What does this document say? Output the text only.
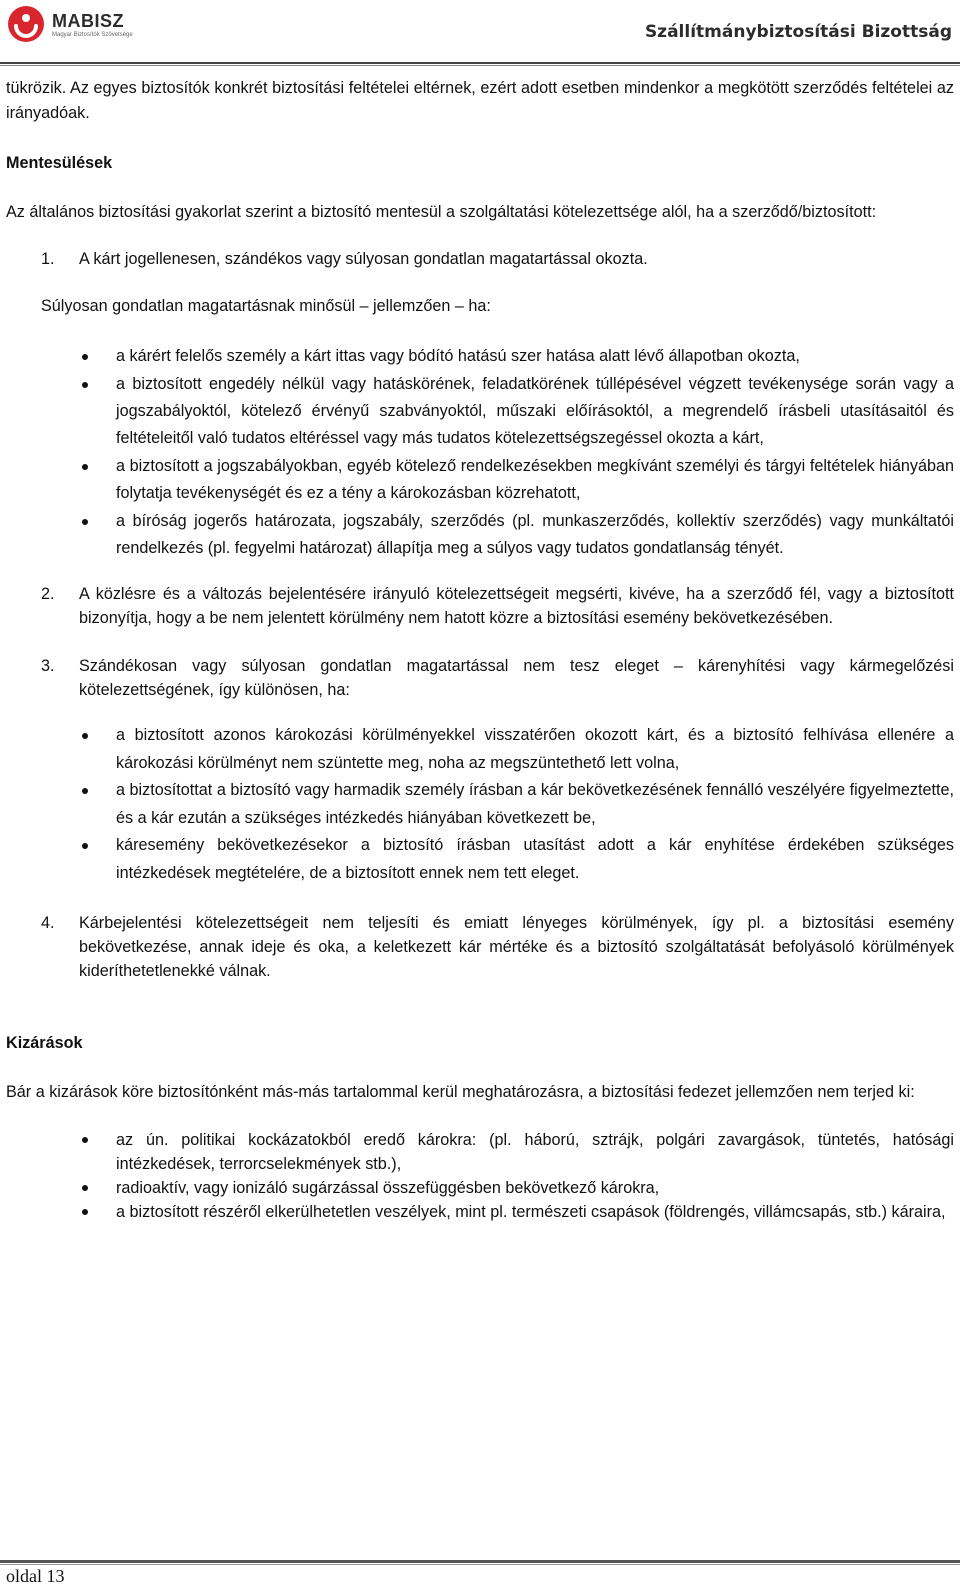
MABISZ
Magyar Biztosítók Szövetsége	Szállítmánybiztosítási Bizottság

tükrözik. Az egyes biztosítók konkrét biztosítási feltételei eltérnek, ezért adott esetben mindenkor a megkötött szerződés feltételei az irányadóak.

Mentesülések

Az általános biztosítási gyakorlat szerint a biztosító mentesül a szolgáltatási kötelezettsége alól, ha a szerződő/biztosított:

1. A kárt jogellenesen, szándékos vagy súlyosan gondatlan magatartással okozta.

Súlyosan gondatlan magatartásnak minősül – jellemzően – ha:

a kárért felelős személy a kárt ittas vagy bódító hatású szer hatása alatt lévő állapotban okozta,
a biztosított engedély nélkül vagy hatáskörének, feladatkörének túllépésével végzett tevékenysége során vagy a jogszabályoktól, kötelező érvényű szabványoktól, műszaki előírásoktól, a megrendelő írásbeli utasításaitól és feltételeitől való tudatos eltéréssel vagy más tudatos kötelezettségszegéssel okozta a kárt,
a biztosított a jogszabályokban, egyéb kötelező rendelkezésekben megkívánt személyi és tárgyi feltételek hiányában folytatja tevékenységét és ez a tény a károkozásban közrehatott,
a bíróság jogerős határozata, jogszabály, szerződés (pl. munkaszerződés, kollektív szerződés) vagy munkáltatói rendelkezés (pl. fegyelmi határozat) állapítja meg a súlyos vagy tudatos gondatlanság tényét.
2. A közlésre és a változás bejelentésére irányuló kötelezettségeit megsérti, kivéve, ha a szerződő fél, vagy a biztosított bizonyítja, hogy a be nem jelentett körülmény nem hatott közre a biztosítási esemény bekövetkezésében.
3. Szándékosan vagy súlyosan gondatlan magatartással nem tesz eleget – kárenyhítési vagy kármegelőzési kötelezettségének, így különösen, ha:
a biztosított azonos károkozási körülményekkel visszatérően okozott kárt, és a biztosító felhívása ellenére a károkozási körülményt nem szüntette meg, noha az megszüntethető lett volna,
a biztosítottat a biztosító vagy harmadik személy írásban a kár bekövetkezésének fennálló veszélyére figyelmeztette, és a kár ezután a szükséges intézkedés hiányában következett be,
káresemény bekövetkezésekor a biztosító írásban utasítást adott a kár enyhítése érdekében szükséges intézkedések megtételére, de a biztosított ennek nem tett eleget.
4. Kárbejelentési kötelezettségeit nem teljesíti és emiatt lényeges körülmények, így pl. a biztosítási esemény bekövetkezése, annak ideje és oka, a keletkezett kár mértéke és a biztosító szolgáltatását befolyásoló körülmények kideríthetetlenekké válnak.

Kizárások

Bár a kizárások köre biztosítónként más-más tartalommal kerül meghatározásra, a biztosítási fedezet jellemzően nem terjed ki:

az ún. politikai kockázatokból eredő károkra: (pl. háború, sztrájk, polgári zavargások, tüntetés, hatósági intézkedések, terrorcselekmények stb.),
radioaktív, vagy ionizáló sugárzással összefüggésben bekövetkező károkra,
a biztosított részéről elkerülhetetlen veszélyek, mint pl. természeti csapások (földrengés, villámcsapás, stb.) káraira,
oldal 13
